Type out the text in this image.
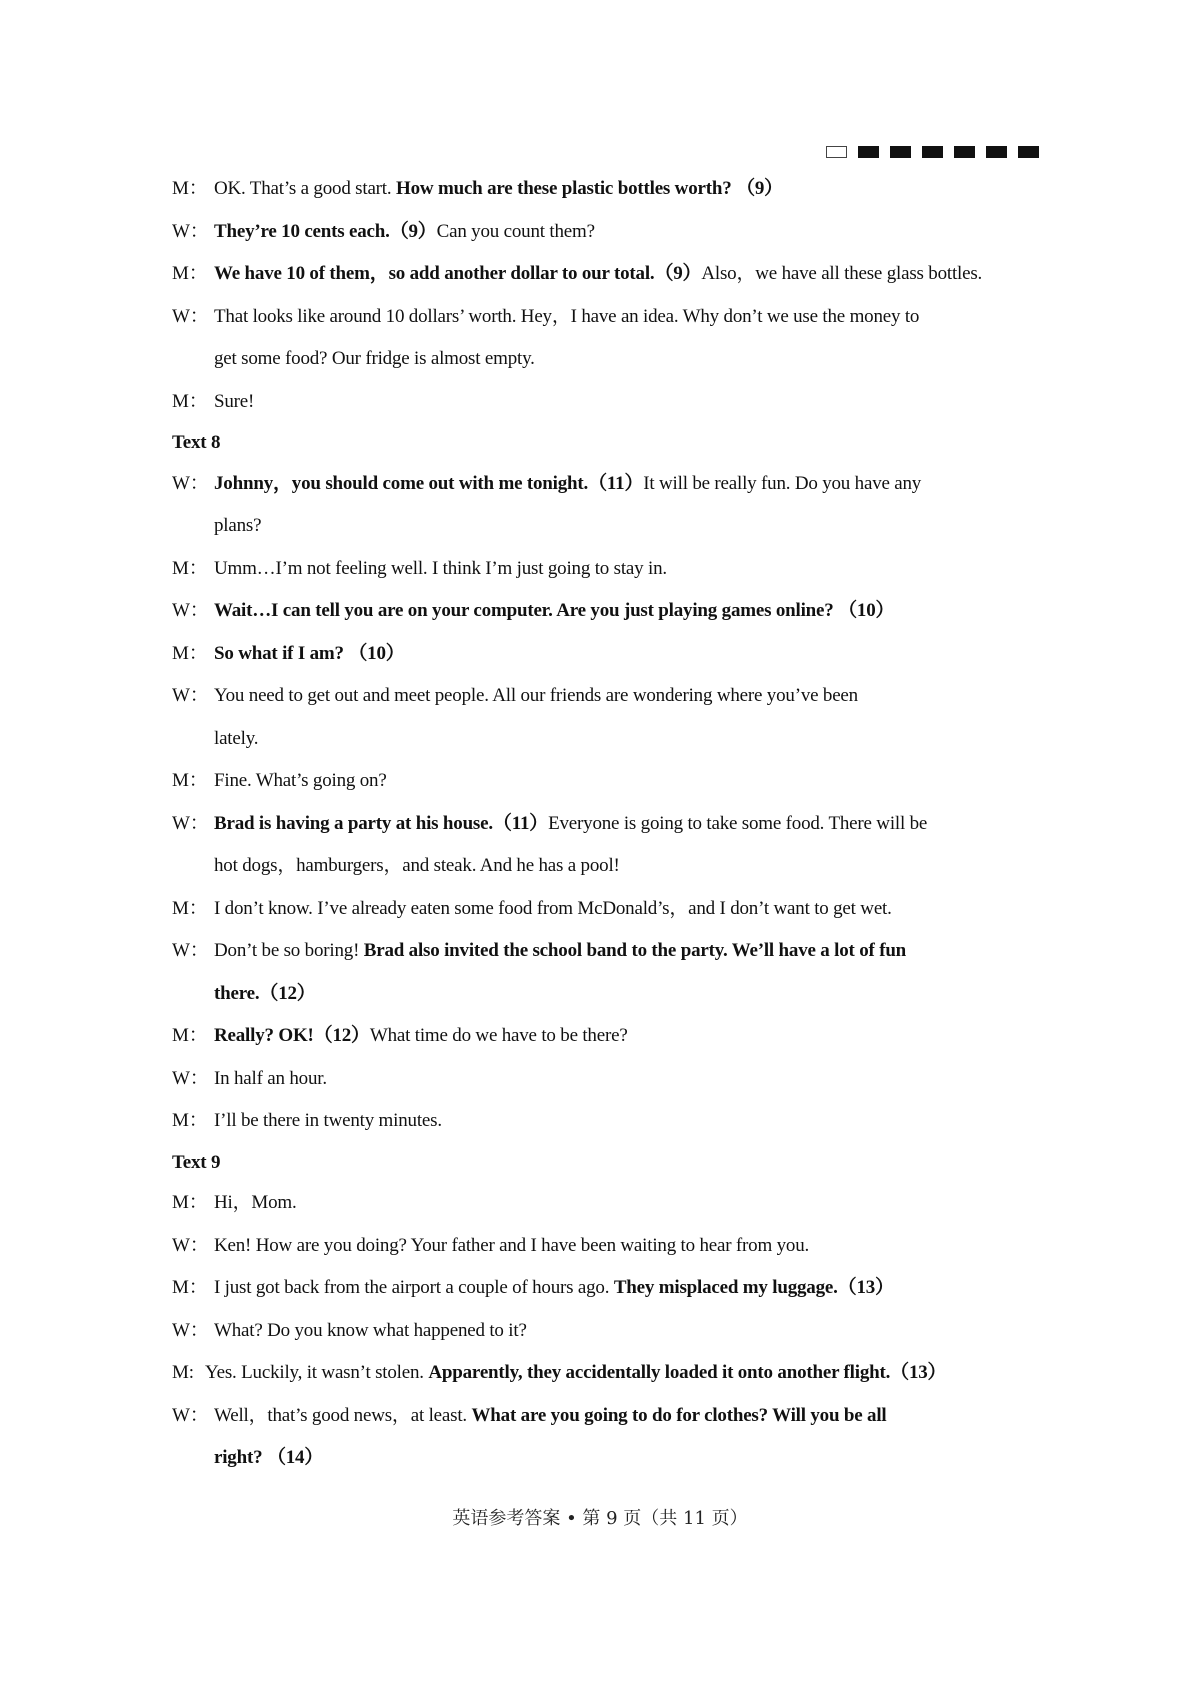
M： OK. That’s a good start. How much are these plastic bottles worth? （9）
W： They’re 10 cents each.（9）Can you count them?
M： We have 10 of them，so add another dollar to our total.（9）Also，we have all these glass bottles.
W： That looks like around 10 dollars’ worth. Hey，I have an idea. Why don’t we use the money to
get some food? Our fridge is almost empty.
M： Sure!
Text 8
W： Johnny，you should come out with me tonight.（11）It will be really fun. Do you have any
plans?
M： Umm…I’m not feeling well. I think I’m just going to stay in.
W： Wait…I can tell you are on your computer. Are you just playing games online? （10）
M： So what if I am? （10）
W： You need to get out and meet people. All our friends are wondering where you’ve been
lately.
M： Fine. What’s going on?
W： Brad is having a party at his house.（11）Everyone is going to take some food. There will be
hot dogs，hamburgers，and steak. And he has a pool!
M： I don’t know. I’ve already eaten some food from McDonald’s，and I don’t want to get wet.
W： Don’t be so boring! Brad also invited the school band to the party. We’ll have a lot of fun
there.（12）
M： Really? OK!（12）What time do we have to be there?
W： In half an hour.
M： I’ll be there in twenty minutes.
Text 9
M： Hi，Mom.
W： Ken! How are you doing? Your father and I have been waiting to hear from you.
M： I just got back from the airport a couple of hours ago. They misplaced my luggage.（13）
W： What? Do you know what happened to it?
M:Yes. Luckily, it wasn’t stolen. Apparently, they accidentally loaded it onto another flight.（13）
W： Well，that’s good news，at least. What are you going to do for clothes? Will you be all
right? （14）
英语参考答案 • 第 9 页（共 11 页）
